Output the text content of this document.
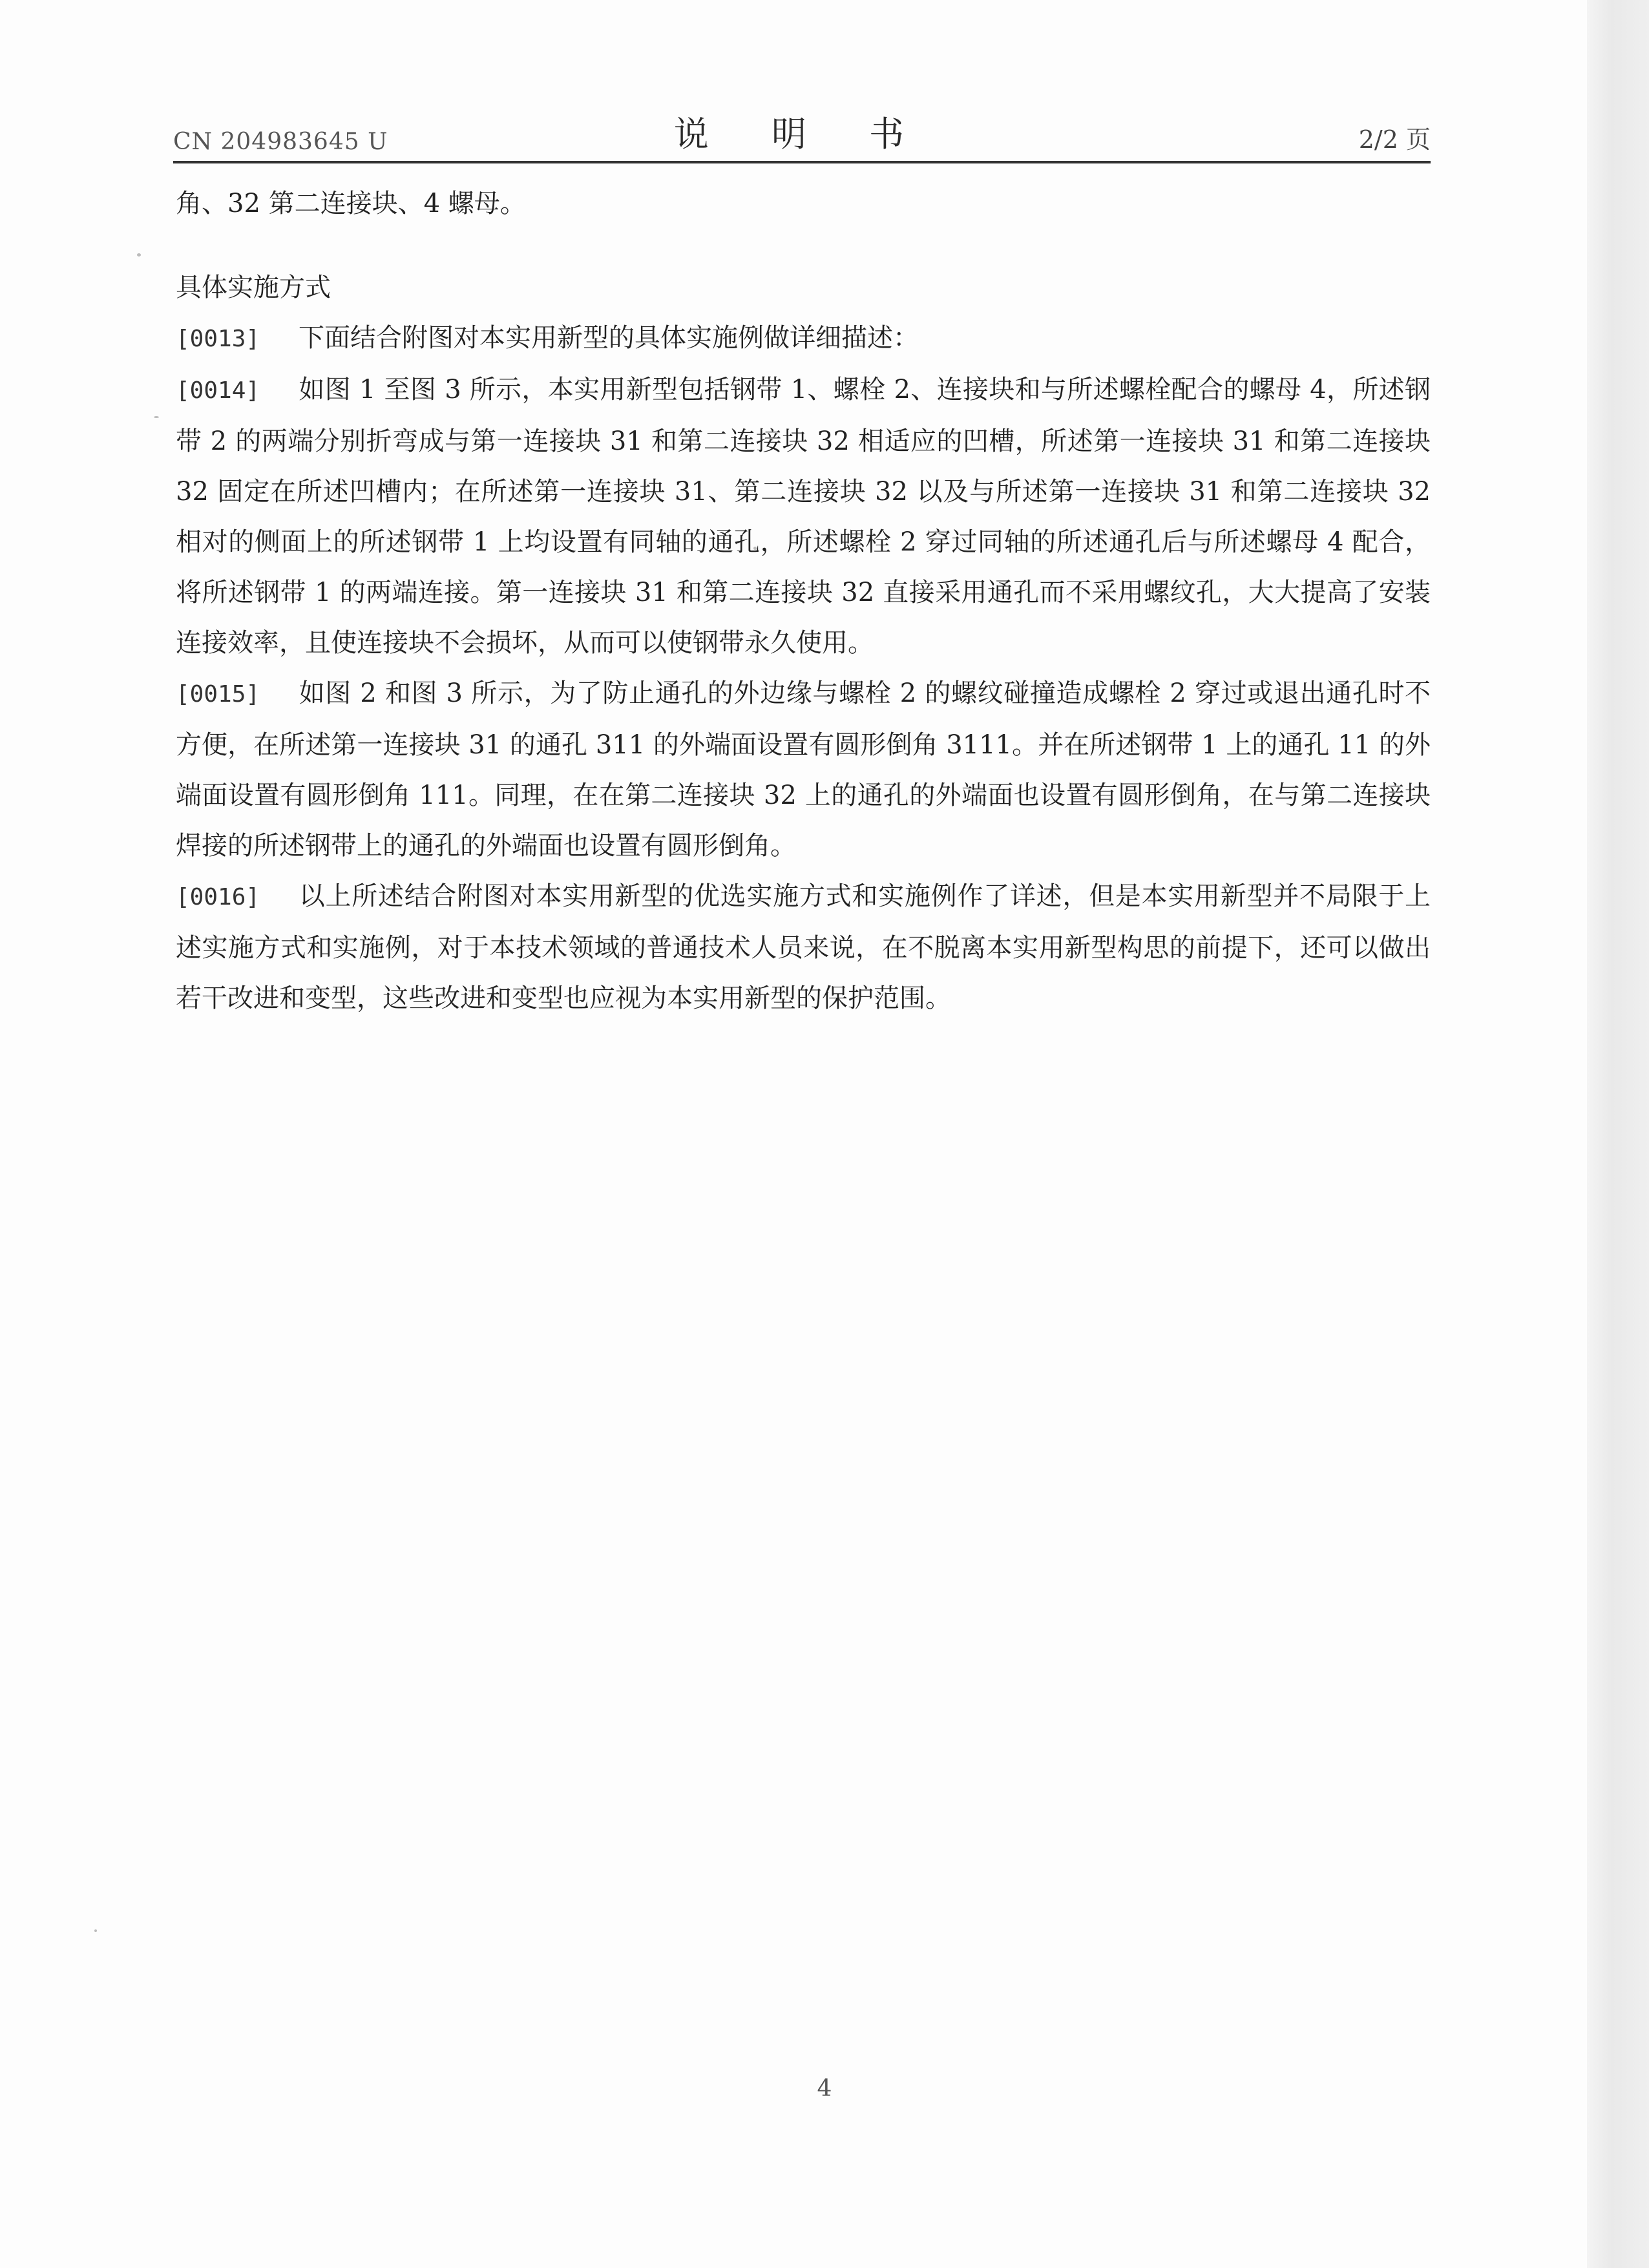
CN 204983645 U	说 明 书	2/2 页

角、32 第二连接块、4 螺母。

具体实施方式

[0013] 下面结合附图对本实用新型的具体实施例做详细描述：

[0014] 如图 1 至图 3 所示，本实用新型包括钢带 1、螺栓 2、连接块和与所述螺栓配合的螺母 4，所述钢带 2 的两端分别折弯成与第一连接块 31 和第二连接块 32 相适应的凹槽，所述第一连接块 31 和第二连接块 32 固定在所述凹槽内；在所述第一连接块 31、第二连接块 32 以及与所述第一连接块 31 和第二连接块 32 相对的侧面上的所述钢带 1 上均设置有同轴的通孔，所述螺栓 2 穿过同轴的所述通孔后与所述螺母 4 配合，将所述钢带 1 的两端连接。第一连接块 31 和第二连接块 32 直接采用通孔而不采用螺纹孔，大大提高了安装连接效率，且使连接块不会损坏，从而可以使钢带永久使用。

[0015] 如图 2 和图 3 所示，为了防止通孔的外边缘与螺栓 2 的螺纹碰撞造成螺栓 2 穿过或退出通孔时不方便，在所述第一连接块 31 的通孔 311 的外端面设置有圆形倒角 3111。并在所述钢带 1 上的通孔 11 的外端面设置有圆形倒角 111。同理，在在第二连接块 32 上的通孔的外端面也设置有圆形倒角，在与第二连接块焊接的所述钢带上的通孔的外端面也设置有圆形倒角。

[0016] 以上所述结合附图对本实用新型的优选实施方式和实施例作了详述，但是本实用新型并不局限于上述实施方式和实施例，对于本技术领域的普通技术人员来说，在不脱离本实用新型构思的前提下，还可以做出若干改进和变型，这些改进和变型也应视为本实用新型的保护范围。

4
